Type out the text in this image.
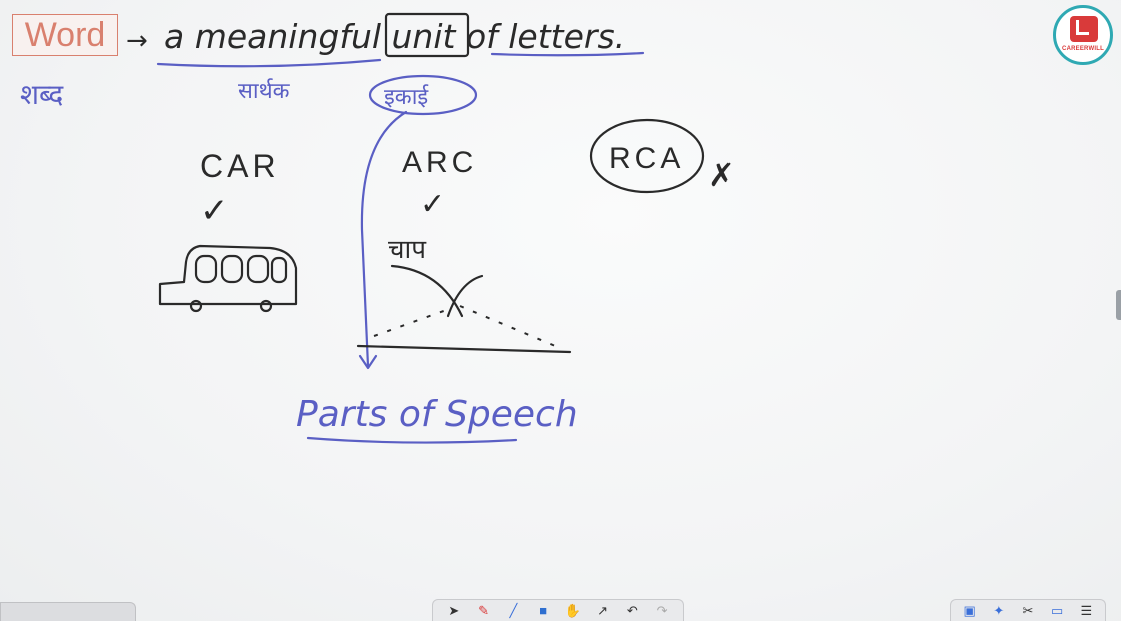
Word → a meaningful unit of letters.
शब्द	सार्थक	इकाई
CAR
✓
ARC
✓
चाप
RCA ✗
Parts of Speech
CAREERWILL
➤ ✎	╱	■	✋ ↗ ↶ ↷	▣ ✦ ✂ ▭ ☰
